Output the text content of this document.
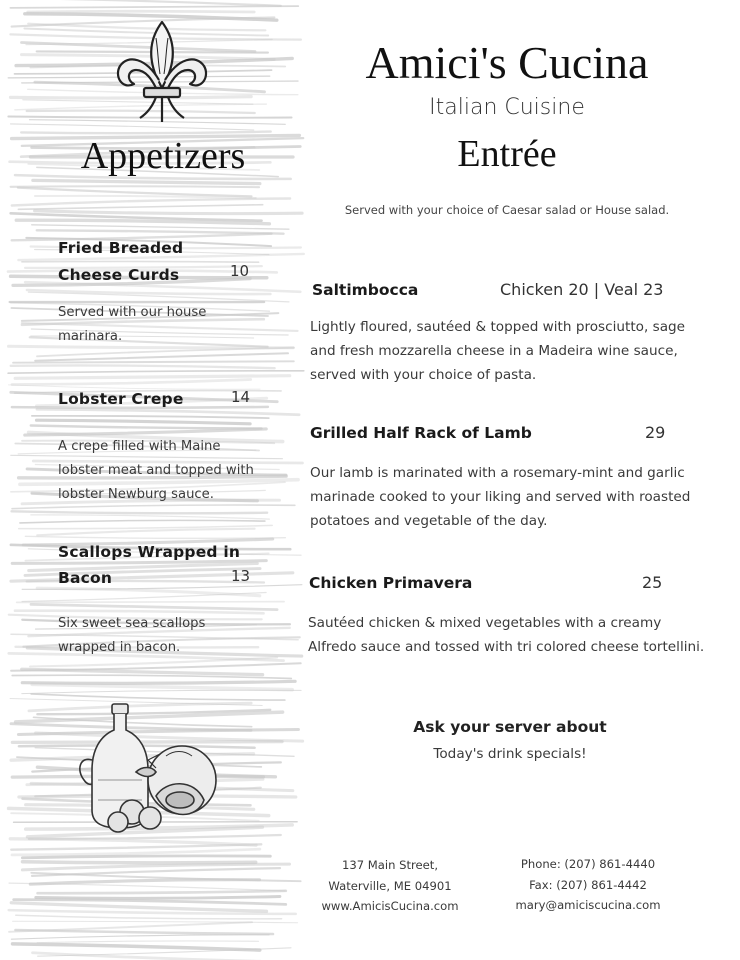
Appetizers
Fried Breaded
Cheese Curds	10
Served with our house
marinara.
Lobster Crepe	14
A crepe filled with Maine
lobster meat and topped with
lobster Newburg sauce.
Scallops Wrapped in
Bacon	13
Six sweet sea scallops
wrapped in bacon.
Amici's Cucina
Italian Cuisine
Entrée
Served with your choice of Caesar salad or House salad.
Saltimbocca	Chicken 20 | Veal 23
Lightly floured, sautéed & topped with prosciutto, sage
and fresh mozzarella cheese in a Madeira wine sauce,
served with your choice of pasta.
Grilled Half Rack of Lamb	29
Our lamb is marinated with a rosemary-mint and garlic
marinade cooked to your liking and served with roasted
potatoes and vegetable of the day.
Chicken Primavera	25
Sautéed chicken & mixed vegetables with a creamy
Alfredo sauce and tossed with tri colored cheese tortellini.
Ask your server about
Today's drink specials!
137 Main Street,
Waterville, ME 04901
www.AmicisCucina.com
Phone: (207) 861-4440
Fax: (207) 861-4442
mary@amiciscucina.com
